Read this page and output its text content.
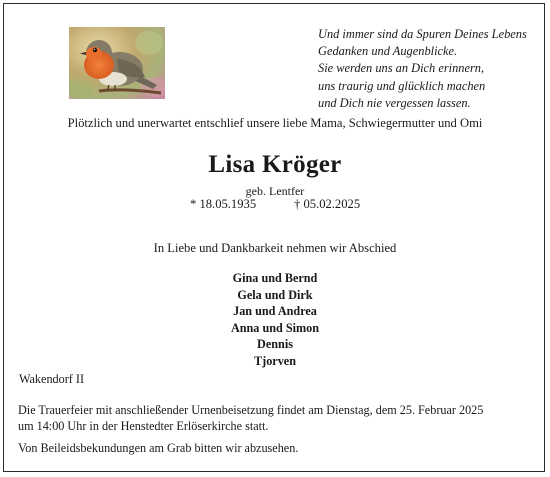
Und immer sind da Spuren Deines Lebens
Gedanken und Augenblicke.
Sie werden uns an Dich erinnern,
uns traurig und glücklich machen
und Dich nie vergessen lassen.
Plötzlich und unerwartet entschlief unsere liebe Mama, Schwiegermutter und Omi
Lisa Kröger
geb. Lentfer
* 18.05.1935	† 05.02.2025
In Liebe und Dankbarkeit nehmen wir Abschied
Gina und Bernd
Gela und Dirk
Jan und Andrea
Anna und Simon
Dennis
Tjorven
Wakendorf II
Die Trauerfeier mit anschließender Urnenbeisetzung findet am Dienstag, dem 25. Februar 2025
um 14:00 Uhr in der Henstedter Erlöserkirche statt.
Von Beileidsbekundungen am Grab bitten wir abzusehen.
